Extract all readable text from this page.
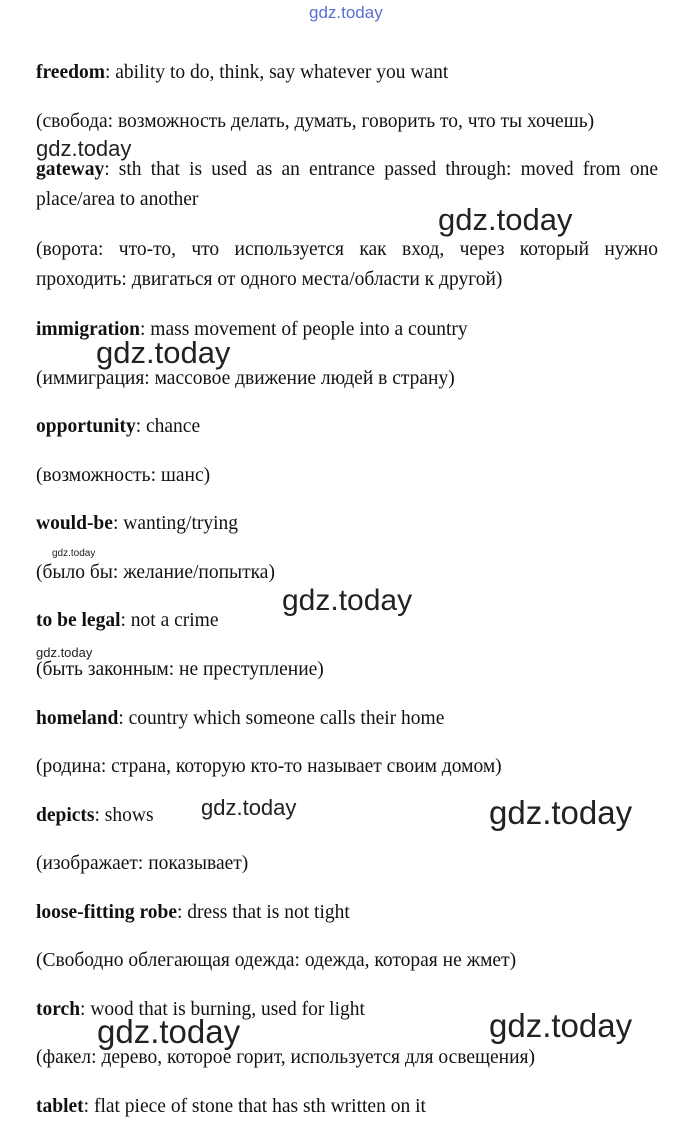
gdz.today

freedom: ability to do, think, say whatever you want

(свобода: возможность делать, думать, говорить то, что ты хочешь)

gateway: sth that is used as an entrance passed through: moved from one place/area to another

(ворота: что-то, что используется как вход, через который нужно проходить: двигаться от одного места/области к другой)

immigration: mass movement of people into a country

(иммиграция: массовое движение людей в страну)

opportunity: chance

(возможность: шанс)

would-be: wanting/trying

(было бы: желание/попытка)

to be legal: not a crime

(быть законным: не преступление)

homeland: country which someone calls their home

(родина: страна, которую кто-то называет своим домом)

depicts: shows

(изображает: показывает)

loose-fitting robe: dress that is not tight

(Свободно облегающая одежда: одежда, которая не жмет)

torch: wood that is burning, used for light

(факел: дерево, которое горит, используется для освещения)

tablet: flat piece of stone that has sth written on it

gdz.today
gdz.today
gdz.today
gdz.today
gdz.today
gdz.today
gdz.today	gdz.today
gdz.today	gdz.today
